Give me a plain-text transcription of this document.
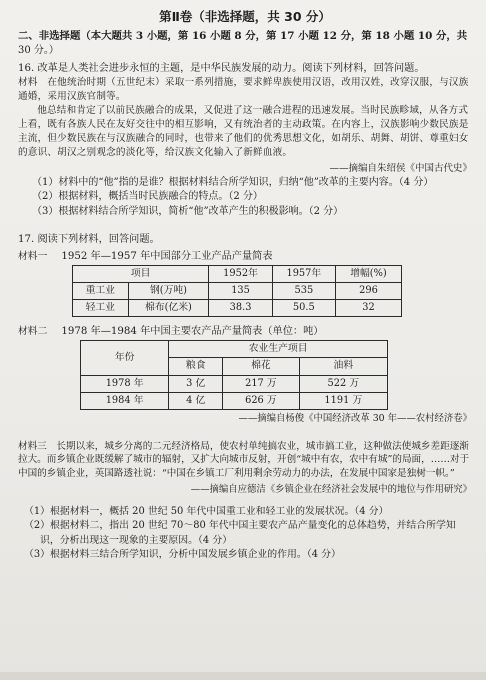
第Ⅱ卷（非选择题，共 30 分）

二、非选择题（本大题共 3 小题，第 16 小题 8 分，第 17 小题 12 分，第 18 小题 10 分，共

30 分。）

16. 改革是人类社会进步永恒的主题，是中华民族发展的动力。阅读下列材料，回答问题。

材料　在他统治时期（五世纪末）采取一系列措施，要求鲜卑族使用汉语，改用汉姓，改穿汉服，与汉族通婚，采用汉族官制等。

他总结和肯定了以前民族融合的成果，又促进了这一融合进程的迅速发展。当时民族畛域，从各方式上看，既有各族人民在友好交往中的相互影响，又有统治者的主动政策。在内容上，汉族影响少数民族是主流，但少数民族在与汉族融合的同时，也带来了他们的优秀思想文化，如胡乐、胡舞、胡饼、尊重妇女的意识、胡汉之别观念的淡化等，给汉族文化输入了新鲜血液。

——摘编自朱绍侯《中国古代史》

（1）材料中的“他”指的是谁？根据材料结合所学知识，归纳“他”改革的主要内容。（4 分）

（2）根据材料，概括当时民族融合的特点。（2 分）

（3）根据材料结合所学知识，简析“他”改革产生的积极影响。（2 分）

17. 阅读下列材料，回答问题。

材料一 1952 年—1957 年中国部分工业产品产量简表
项目		1952年	1957年	增幅(%)
重工业	钢(万吨)	135	535	296
轻工业	棉布(亿米)	38.3	50.5	32
材料二 1978 年—1984 年中国主要农产品产量简表（单位：吨）
年份	农业生产项目		
	粮食	棉花	油料
1978 年	3 亿	217 万	522 万
1984 年	4 亿	626 万	1191 万

——摘编自杨俊《中国经济改革 30 年——农村经济卷》

材料三　长期以来，城乡分离的二元经济格局，使农村单纯搞农业，城市搞工业，这种做法使城乡差距逐渐拉大。而乡镇企业既缓解了城市的辐射，又扩大向城市反射，开创“城中有农，农中有城”的局面，……对于中国的乡镇企业，英国路透社说：“中国在乡镇工厂利用剩余劳动力的办法，在发展中国家是独树一帜。”

——摘编自应德洁《乡镇企业在经济社会发展中的地位与作用研究》

（1）根据材料一，概括 20 世纪 50 年代中国重工业和轻工业的发展状况。（4 分）

（2）根据材料二，指出 20 世纪 70～80 年代中国主要农产品产量变化的总体趋势，并结合所学知识，分析出现这一现象的主要原因。（4 分）

（3）根据材料三结合所学知识，分析中国发展乡镇企业的作用。（4 分）
